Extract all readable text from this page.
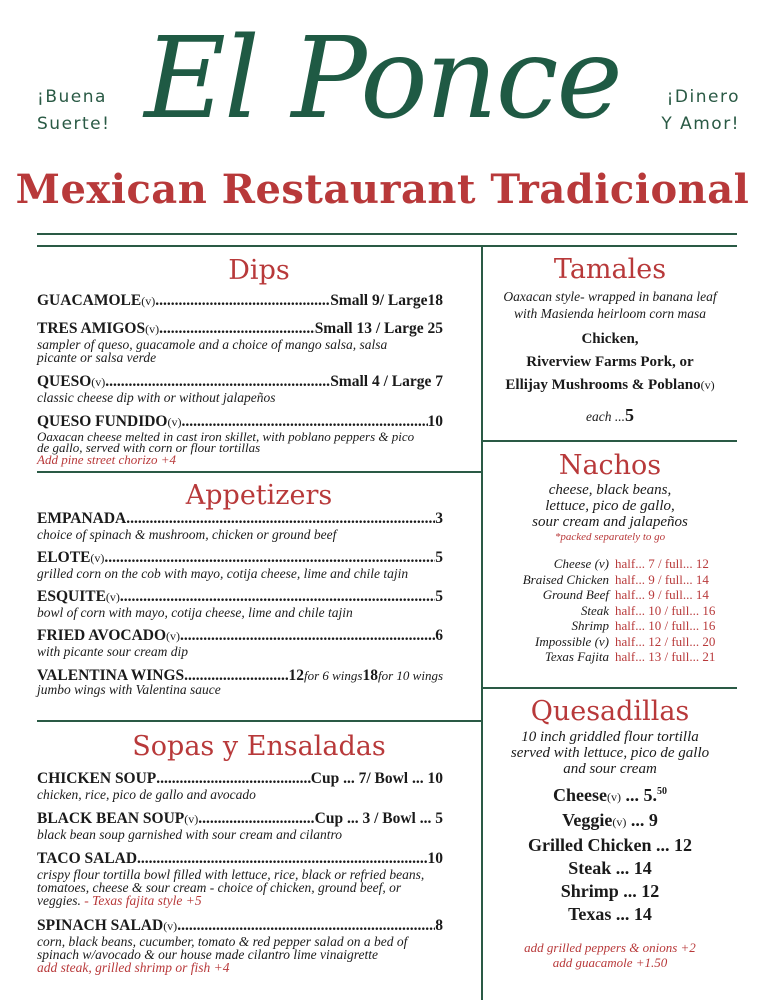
¡Buena
Suerte!
¡Dinero
Y Amor!
El Ponce
Mexican Restaurant Tradicional
Dips
GUACAMOLE (v) .....	Small 9/ Large18
TRES AMIGOS (v) .....	Small 13 / Large 25
sampler of queso, guacamole and a choice of mango salsa, salsa picante or salsa verde
QUESO (v) .....	Small 4 / Large 7
classic cheese dip with or without jalapeños
QUESO FUNDIDO (v) .....	10
Oaxacan cheese melted in cast iron skillet, with poblano peppers & pico de gallo, served with corn or flour tortillas
Add pine street chorizo +4
Appetizers
EMPANADA .....	3
choice of spinach & mushroom, chicken or ground beef
ELOTE (v) .....	5
grilled corn on the cob with mayo, cotija cheese, lime and chile tajin
ESQUITE (v) .....	5
bowl of corn with mayo, cotija cheese, lime and chile tajin
FRIED AVOCADO (v) .....	6
with picante sour cream dip
VALENTINA WINGS .....	12 for 6 wings 18 for 10 wings
jumbo wings with Valentina sauce
Sopas y Ensaladas
CHICKEN SOUP .....	Cup ... 7/ Bowl ... 10
chicken, rice, pico de gallo and avocado
BLACK BEAN SOUP (v) .....	Cup ... 3 / Bowl ... 5
black bean soup garnished with sour cream and cilantro
TACO SALAD .....	10
crispy flour tortilla bowl filled with lettuce, rice, black or refried beans, tomatoes, cheese & sour cream - choice of chicken, ground beef, or veggies. - Texas fajita style +5
SPINACH SALAD (v) .....	8
corn, black beans, cucumber, tomato & red pepper salad on a bed of spinach w/avocado & our house made cilantro lime vinaigrette
add steak, grilled shrimp or fish +4
Tamales
Oaxacan style- wrapped in banana leaf
with Masienda heirloom corn masa
Chicken,
Riverview Farms Pork, or
Ellijay Mushrooms & Poblano(v)
each ...5
Nachos
cheese, black beans,
lettuce, pico de gallo,
sour cream and jalapeños
*packed separately to go
Cheese (v) half... 7 / full... 12
Braised Chicken half... 9 / full... 14
Ground Beef half... 9 / full... 14
Steak half... 10 / full... 16
Shrimp half... 10 / full... 16
Impossible (v) half... 12 / full... 20
Texas Fajita half... 13 / full... 21
Quesadillas
10 inch griddled flour tortilla
served with lettuce, pico de gallo
and sour cream
Cheese(v) ... 5.50
Veggie(v) ... 9
Grilled Chicken ... 12
Steak ... 14
Shrimp ... 12
Texas ... 14
add grilled peppers & onions +2
add guacamole +1.50
